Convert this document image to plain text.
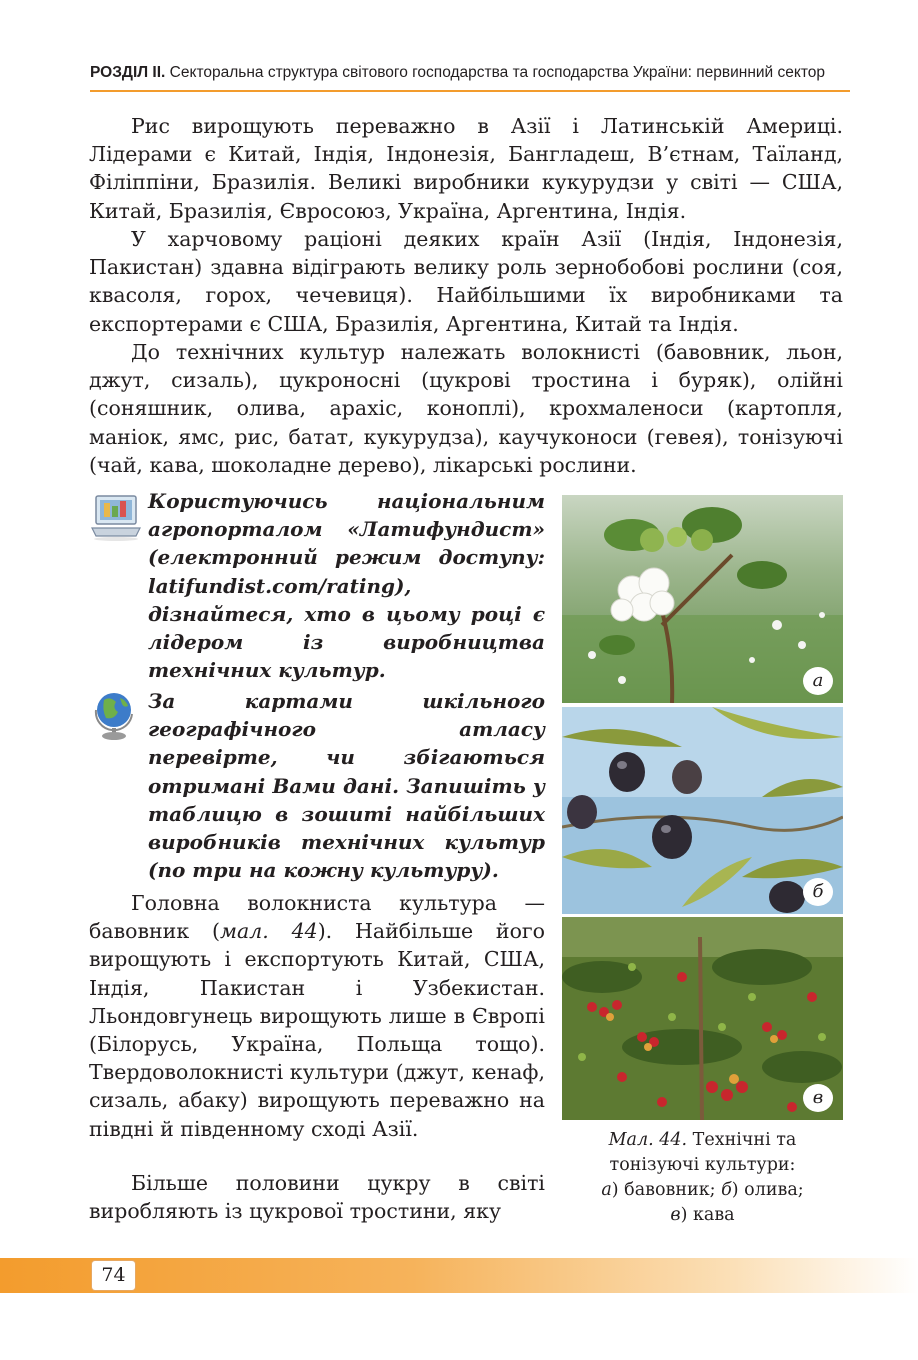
РОЗДІЛ ІІ. Секторальна структура світового господарства та господарства України: первинний сектор

Рис вирощують переважно в Азії і Латинській Америці. Лідерами є Китай, Індія, Індонезія, Бангладеш, В’єтнам, Таїланд, Філіппіни, Бразилія. Великі виробники кукурудзи у світі — США, Китай, Бразилія, Євросоюз, Україна, Аргентина, Індія.

У харчовому раціоні деяких країн Азії (Індія, Індонезія, Пакистан) здавна відіграють велику роль зернобобові рослини (соя, квасоля, горох, чечевиця). Найбільшими їх виробниками та експортерами є США, Бразилія, Аргентина, Китай та Індія.

До технічних культур належать волокнисті (бавовник, льон, джут, сизаль), цукроносні (цукрові тростина і буряк), олійні (соняшник, олива, арахіс, коноплі), крохмаленоси (картопля, маніок, ямс, рис, батат, кукурудза), каучуконоси (гевея), тонізуючі (чай, кава, шоколадне дерево), лікарські рослини.

Користуючись національним агропорталом «Латифундист» (електронний режим доступу: latifundist.com/rating), дізнайтеся, хто в цьому році є лідером із виробництва технічних культур.

За картами шкільного географічного атласу перевірте, чи збігаються отримані Вами дані. Запишіть у таблицю в зошиті найбільших виробників технічних культур (по три на кожну культуру).

Головна волокниста культура — бавовник (мал. 44). Найбільше його вирощують і експортують Китай, США, Індія, Пакистан і Узбекистан. Льондовгунець вирощують лише в Європі (Білорусь, Україна, Польща тощо). Твердоволокнисті культури (джут, кенаф, сизаль, абаку) вирощують переважно на півдні й південному сході Азії.

Більше половини цукру в світі виробляють із цукрової тростини, яку

а
б
в
Мал. 44. Технічні та тонізуючі культури:
а) бавовник; б) олива;
в) кава
74
